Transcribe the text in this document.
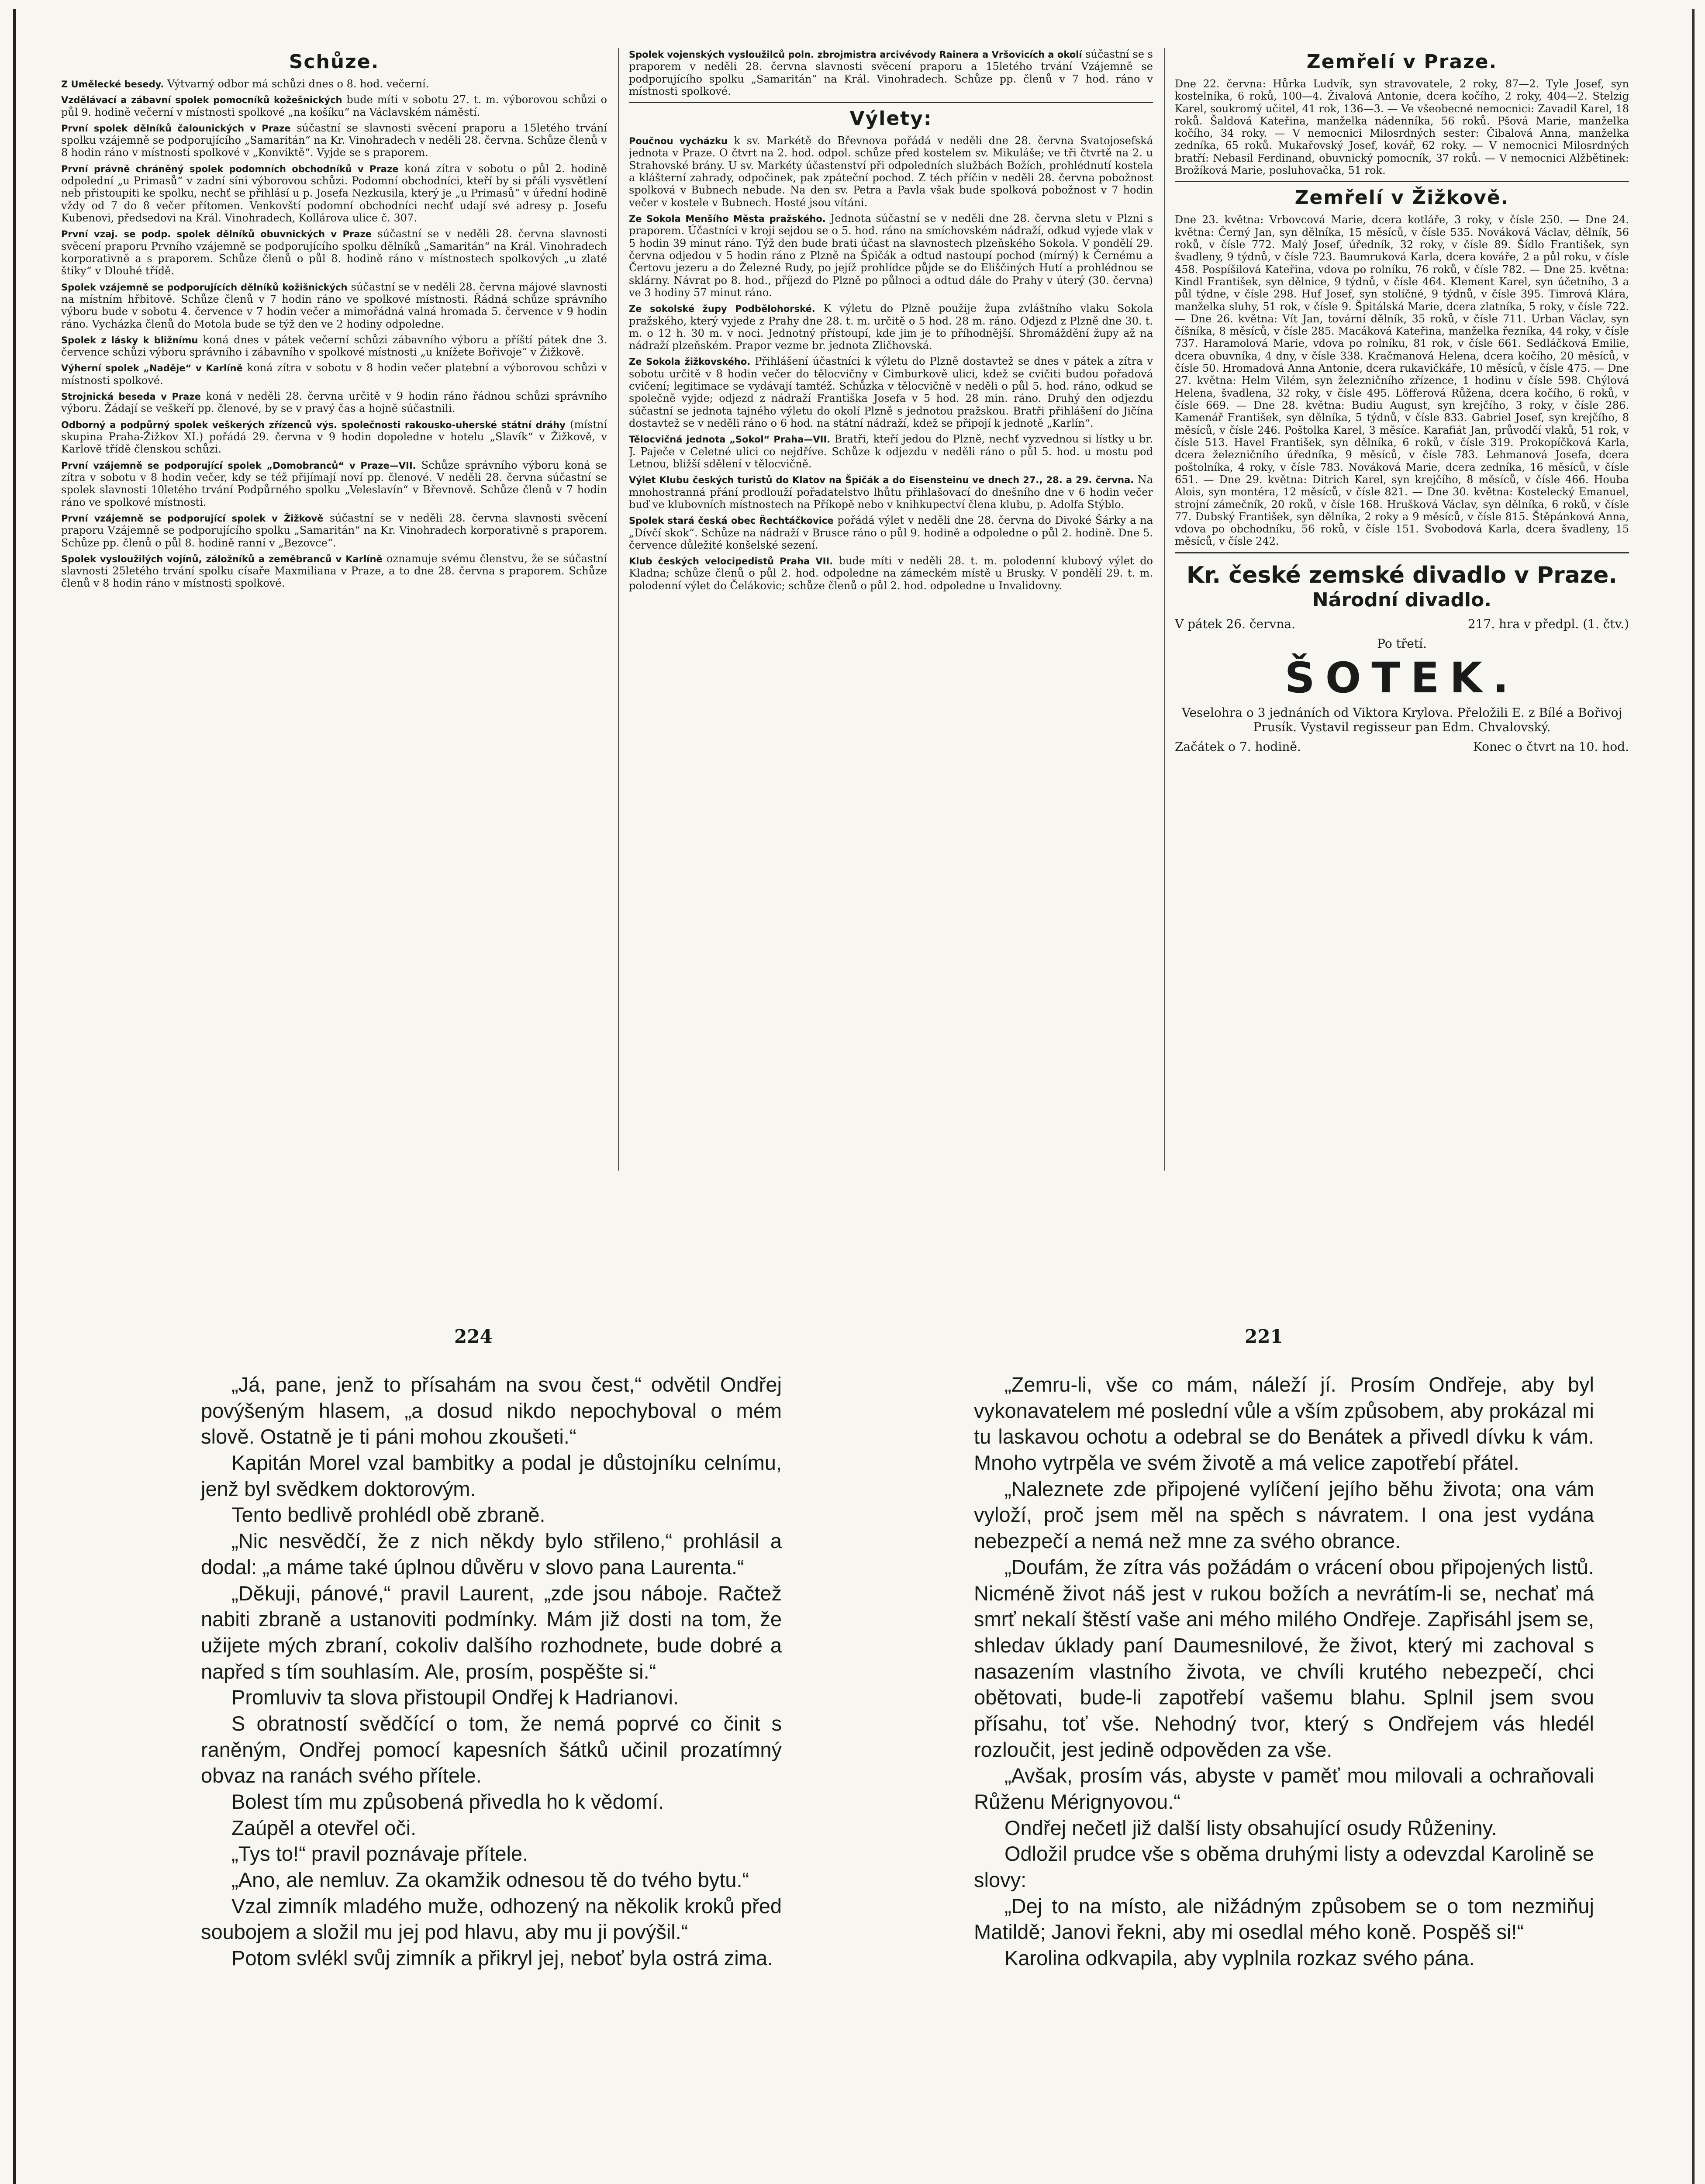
Schůze.

Z Umělecké besedy. Výtvarný odbor má schůzi dnes o 8. hod. večerní.

Vzdělávací a zábavní spolek pomocníků kožešnických bude míti v sobotu 27. t. m. výborovou schůzi o půl 9. hodině večerní v místnosti spolkové „na košíku“ na Václavském náměstí.

První spolek dělníků čalounických v Praze súčastní se slavnosti svěcení praporu a 15letého trvání spolku vzájemně se podporujícího „Samaritán“ na Kr. Vinohradech v neděli 28. června. Schůze členů v 8 hodin ráno v místnosti spolkové v „Konviktě“. Vyjde se s praporem.

První právně chráněný spolek podomních obchodníků v Praze koná zítra v sobotu o půl 2. hodině odpolední „u Primasů“ v zadní síni výborovou schůzi. Podomní obchodníci, kteří by si přáli vysvětlení neb přistoupiti ke spolku, nechť se přihlásí u p. Josefa Nezkusila, který je „u Primasů“ v úřední hodině vždy od 7 do 8 večer přítomen. Venkovští podomní obchodníci nechť udají své adresy p. Josefu Kubenovi, předsedovi na Král. Vinohradech, Kollárova ulice č. 307.

První vzaj. se podp. spolek dělníků obuvnických v Praze súčastní se v neděli 28. června slavnosti svěcení praporu Prvního vzájemně se podporujícího spolku dělníků „Samaritán“ na Král. Vinohradech korporativně a s praporem. Schůze členů o půl 8. hodině ráno v místnostech spolkových „u zlaté štiky“ v Dlouhé třídě.

Spolek vzájemně se podporujících dělníků kožišnických súčastní se v neděli 28. června májové slavnosti na místním hřbitově. Schůze členů v 7 hodin ráno ve spolkové místnosti. Řádná schůze správního výboru bude v sobotu 4. července v 7 hodin večer a mimořádná valná hromada 5. července v 9 hodin ráno. Vycházka členů do Motola bude se týž den ve 2 hodiny odpoledne.

Spolek z lásky k bližnímu koná dnes v pátek večerní schůzi zábavního výboru a příští pátek dne 3. července schůzi výboru správního i zábavního v spolkové místnosti „u knížete Bořivoje“ v Žižkově.

Výherní spolek „Naděje“ v Karlíně koná zítra v sobotu v 8 hodin večer platební a výborovou schůzi v místnosti spolkové.

Strojnická beseda v Praze koná v neděli 28. června určitě v 9 hodin ráno řádnou schůzi správního výboru. Žádají se veškeří pp. členové, by se v pravý čas a hojně súčastnili.

Odborný a podpůrný spolek veškerých zřízenců výs. společnosti rakousko-uherské státní dráhy (místní skupina Praha-Žižkov XI.) pořádá 29. června v 9 hodin dopoledne v hotelu „Slavík“ v Žižkově, v Karlově třídě členskou schůzi.

První vzájemně se podporující spolek „Domobranců“ v Praze—VII. Schůze správního výboru koná se zítra v sobotu v 8 hodin večer, kdy se též přijímají noví pp. členové. V neděli 28. června súčastní se spolek slavnosti 10letého trvání Podpůrného spolku „Veleslavín“ v Břevnově. Schůze členů v 7 hodin ráno ve spolkové místnosti.

První vzájemně se podporující spolek v Žižkově súčastní se v neděli 28. června slavnosti svěcení praporu Vzájemně se podporujícího spolku „Samaritán“ na Kr. Vinohradech korporativně s praporem. Schůze pp. členů o půl 8. hodině ranní v „Bezovce“.

Spolek vysloužilých vojínů, záložníků a zeměbranců v Karlíně oznamuje svému členstvu, že se súčastní slavnosti 25letého trvání spolku císaře Maxmiliana v Praze, a to dne 28. června s praporem. Schůze členů v 8 hodin ráno v místnosti spolkové.

Spolek vojenských vysloužilců poln. zbrojmistra arcivévody Rainera a Vršovicích a okolí súčastní se s praporem v neděli 28. června slavnosti svěcení praporu a 15letého trvání Vzájemně se podporujícího spolku „Samaritán“ na Král. Vinohradech. Schůze pp. členů v 7 hod. ráno v místnosti spolkové.

Výlety:

Poučnou vycházku k sv. Markétě do Břevnova pořádá v neděli dne 28. června Svatojosefská jednota v Praze. O čtvrt na 2. hod. odpol. schůze před kostelem sv. Mikuláše; ve tři čtvrtě na 2. u Strahovské brány. U sv. Markéty účastenství při odpoledních službách Božích, prohlédnutí kostela a klášterní zahrady, odpočinek, pak zpáteční pochod. Z téch příčin v neděli 28. června pobožnost spolková v Bubnech nebude. Na den sv. Petra a Pavla však bude spolková pobožnost v 7 hodin večer v kostele v Bubnech. Hosté jsou vítáni.

Ze Sokola Menšího Města pražského. Jednota súčastní se v neděli dne 28. června sletu v Plzni s praporem. Účastníci v kroji sejdou se o 5. hod. ráno na smíchovském nádraží, odkud vyjede vlak v 5 hodin 39 minut ráno. Týž den bude brati účast na slavnostech plzeňského Sokola. V pondělí 29. června odjedou v 5 hodin ráno z Plzně na Špičák a odtud nastoupí pochod (mírný) k Černému a Čertovu jezeru a do Železné Rudy, po jejíž prohlídce půjde se do Eliščiných Hutí a prohlédnou se sklárny. Návrat po 8. hod., příjezd do Plzně po půlnoci a odtud dále do Prahy v úterý (30. června) ve 3 hodiny 57 minut ráno.

Ze sokolské župy Podbělohorské. K výletu do Plzně použije župa zvláštního vlaku Sokola pražského, který vyjede z Prahy dne 28. t. m. určitě o 5 hod. 28 m. ráno. Odjezd z Plzně dne 30. t. m. o 12 h. 30 m. v noci. Jednotný přístoupí, kde jim je to příhodnější. Shromáždění župy až na nádraží plzeňském. Prapor vezme br. jednota Zličhovská.

Ze Sokola žižkovského. Přihlášení účastníci k výletu do Plzně dostavtež se dnes v pátek a zítra v sobotu určitě v 8 hodin večer do tělocvičny v Cimburkově ulici, kdež se cvičiti budou pořadová cvičení; legitimace se vydávají tamtéž. Schůzka v tělocvičně v neděli o půl 5. hod. ráno, odkud se společně vyjde; odjezd z nádraží Františka Josefa v 5 hod. 28 min. ráno. Druhý den odjezdu súčastní se jednota tajného výletu do okolí Plzně s jednotou pražskou. Bratři přihlášení do Jičína dostavtež se v neděli ráno o 6 hod. na státní nádraží, kdež se připojí k jednotě „Karlín“.

Tělocvičná jednota „Sokol“ Praha—VII. Bratři, kteří jedou do Plzně, nechť vyzvednou si lístky u br. J. Paječe v Celetné ulici co nejdříve. Schůze k odjezdu v neděli ráno o půl 5. hod. u mostu pod Letnou, bližší sdělení v tělocvičně.

Výlet Klubu českých turistů do Klatov na Špičák a do Eisensteinu ve dnech 27., 28. a 29. června. Na mnohostranná přání prodlouží pořadatelstvo lhůtu přihlašovací do dnešního dne v 6 hodin večer buď ve klubovních místnostech na Příkopě nebo v knihkupectví člena klubu, p. Adolfa Stýblo.

Spolek stará česká obec Řechtáčkovice pořádá výlet v neděli dne 28. června do Divoké Šárky a na „Dívčí skok“. Schůze na nádraží v Brusce ráno o půl 9. hodině a odpoledne o půl 2. hodině. Dne 5. července důležité konšelské sezení.

Klub českých velocipedistů Praha VII. bude míti v neděli 28. t. m. polodenní klubový výlet do Kladna; schůze členů o půl 2. hod. odpoledne na zámeckém místě u Brusky. V pondělí 29. t. m. polodenní výlet do Čelákovic; schůze členů o půl 2. hod. odpoledne u Invalidovny.

Zemřelí v Praze.

Dne 22. června: Hůrka Ludvík, syn stravovatele, 2 roky, 87—2. Tyle Josef, syn kostelníka, 6 roků, 100—4. Živalová Antonie, dcera kočího, 2 roky, 404—2. Stelzig Karel, soukromý učitel, 41 rok, 136—3. — Ve všeobecné nemocnici: Zavadil Karel, 18 roků. Šaldová Kateřina, manželka nádenníka, 56 roků. Pšová Marie, manželka kočího, 34 roky. — V nemocnici Milosrdných sester: Čibalová Anna, manželka zedníka, 65 roků. Mukařovský Josef, kovář, 62 roky. — V nemocnici Milosrdných bratří: Nebasil Ferdinand, obuvnický pomocník, 37 roků. — V nemocnici Alžbětinek: Brožíková Marie, posluhovačka, 51 rok.

Zemřelí v Žižkově.

Dne 23. května: Vrbovcová Marie, dcera kotláře, 3 roky, v čísle 250. — Dne 24. května: Černý Jan, syn dělníka, 15 měsíců, v čísle 535. Nováková Václav, dělník, 56 roků, v čísle 772. Malý Josef, úředník, 32 roky, v čísle 89. Šídlo František, syn švadleny, 9 týdnů, v čísle 723. Baumruková Karla, dcera kováře, 2 a půl roku, v čísle 458. Pospíšilová Kateřina, vdova po rolníku, 76 roků, v čísle 782. — Dne 25. května: Kindl František, syn dělnice, 9 týdnů, v čísle 464. Klement Karel, syn účetního, 3 a půl týdne, v čísle 298. Huf Josef, syn stolíčné, 9 týdnů, v čísle 395. Timrová Klára, manželka sluhy, 51 rok, v čísle 9. Špitálská Marie, dcera zlatníka, 5 roky, v čísle 722. — Dne 26. května: Vít Jan, tovární dělník, 35 roků, v čísle 711. Urban Václav, syn číšníka, 8 měsíců, v čísle 285. Macáková Kateřina, manželka řezníka, 44 roky, v čísle 737. Haramolová Marie, vdova po rolníku, 81 rok, v čísle 661. Sedláčková Emilie, dcera obuvníka, 4 dny, v čísle 338. Kračmanová Helena, dcera kočího, 20 měsíců, v čísle 50. Hromadová Anna Antonie, dcera rukavičkáře, 10 měsíců, v čísle 475. — Dne 27. května: Helm Vilém, syn železničního zřízence, 1 hodinu v čísle 598. Chýlová Helena, švadlena, 32 roky, v čísle 495. Löfferová Růžena, dcera kočího, 6 roků, v čísle 669. — Dne 28. května: Budiu August, syn krejčího, 3 roky, v čísle 286. Kamenář František, syn dělníka, 5 týdnů, v čísle 833. Gabriel Josef, syn krejčího, 8 měsíců, v čísle 246. Poštolka Karel, 3 měsíce. Karafiát Jan, průvodčí vlaků, 51 rok, v čísle 513. Havel František, syn dělníka, 6 roků, v čísle 319. Prokopíčková Karla, dcera železničního úředníka, 9 měsíců, v čísle 783. Lehmanová Josefa, dcera poštolníka, 4 roky, v čísle 783. Nováková Marie, dcera zedníka, 16 měsíců, v čísle 651. — Dne 29. května: Ditrich Karel, syn krejčího, 8 měsíců, v čísle 466. Houba Alois, syn montéra, 12 měsíců, v čísle 821. — Dne 30. května: Kostelecký Emanuel, strojní zámečník, 20 roků, v čísle 168. Hrušková Václav, syn dělníka, 6 roků, v čísle 77. Dubský František, syn dělníka, 2 roky a 9 měsíců, v čísle 815. Štěpánková Anna, vdova po obchodníku, 56 roků, v čísle 151. Svobodová Karla, dcera švadleny, 15 měsíců, v čísle 242.

Kr. české zemské divadlo v Praze.
Národní divadlo.
V pátek 26. června.	217. hra v předpl. (1. čtv.)
Po třetí.
ŠOTEK.
Veselohra o 3 jednáních od Viktora Krylova. Přeložili E. z Bílé a Bořivoj Prusík. Vystavil regisseur pan Edm. Chvalovský.
Začátek o 7. hodině.	Konec o čtvrt na 10. hod.
224	221

„Já, pane, jenž to přísahám na svou čest,“ odvětil Ondřej povýšeným hlasem, „a dosud nikdo nepochyboval o mém slově. Ostatně je ti páni mohou zkoušeti.“

Kapitán Morel vzal bambitky a podal je důstojníku celnímu, jenž byl svědkem doktorovým.

Tento bedlivě prohlédl obě zbraně.

„Nic nesvědčí, že z nich někdy bylo střileno,“ prohlásil a dodal: „a máme také úplnou důvěru v slovo pana Laurenta.“

„Děkuji, pánové,“ pravil Laurent, „zde jsou náboje. Račtež nabiti zbraně a ustanoviti podmínky. Mám již dosti na tom, že užijete mých zbraní, cokoliv dalšího rozhodnete, bude dobré a napřed s tím souhlasím. Ale, prosím, pospěšte si.“

Promluviv ta slova přistoupil Ondřej k Hadrianovi.

S obratností svědčící o tom, že nemá poprvé co činit s raněným, Ondřej pomocí kapesních šátků učinil prozatímný obvaz na ranách svého přítele.

Bolest tím mu způsobená přivedla ho k vědomí.

Zaúpěl a otevřel oči.

„Tys to!“ pravil poznávaje přítele.

„Ano, ale nemluv. Za okamžik odnesou tě do tvého bytu.“

Vzal zimník mladého muže, odhozený na několik kroků před soubojem a složil mu jej pod hlavu, aby mu ji povýšil.“

Potom svlékl svůj zimník a přikryl jej, neboť byla ostrá zima.

„Zemru-li, vše co mám, náleží jí. Prosím Ondřeje, aby byl vykonavatelem mé poslední vůle a vším způsobem, aby prokázal mi tu laskavou ochotu a odebral se do Benátek a přivedl dívku k vám. Mnoho vytrpěla ve svém životě a má velice zapotřebí přátel.

„Naleznete zde připojené vylíčení jejího běhu života; ona vám vyloží, proč jsem měl na spěch s návratem. I ona jest vydána nebezpečí a nemá než mne za svého obrance.

„Doufám, že zítra vás požádám o vrácení obou připojených listů. Nicméně život náš jest v rukou božích a nevrátím-li se, nechať má smrť nekalí štěstí vaše ani mého milého Ondřeje. Zapřisáhl jsem se, shledav úklady paní Daumesnilové, že život, který mi zachoval s nasazením vlastního života, ve chvíli krutého nebezpečí, chci obětovati, bude-li zapotřebí vašemu blahu. Splnil jsem svou přísahu, toť vše. Nehodný tvor, který s Ondřejem vás hledél rozloučit, jest jedině odpověden za vše.

„Avšak, prosím vás, abyste v paměť mou milovali a ochraňovali Růženu Mérignyovou.“

Ondřej nečetl již další listy obsahující osudy Růženiny.

Odložil prudce vše s oběma druhými listy a odevzdal Karolině se slovy:

„Dej to na místo, ale nižádným způsobem se o tom nezmiňuj Matildě; Janovi řekni, aby mi osedlal mého koně. Pospěš si!“

Karolina odkvapila, aby vyplnila rozkaz svého pána.
